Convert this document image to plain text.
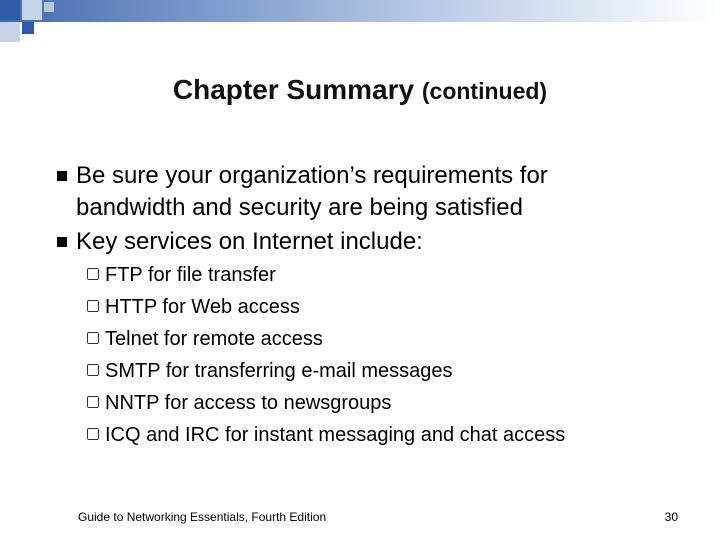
Chapter Summary (continued)
Be sure your organization’s requirements for
bandwidth and security are being satisfied
Key services on Internet include:
FTP for file transfer
HTTP for Web access
Telnet for remote access
SMTP for transferring e-mail messages
NNTP for access to newsgroups
ICQ and IRC for instant messaging and chat access
Guide to Networking Essentials, Fourth Edition	30
